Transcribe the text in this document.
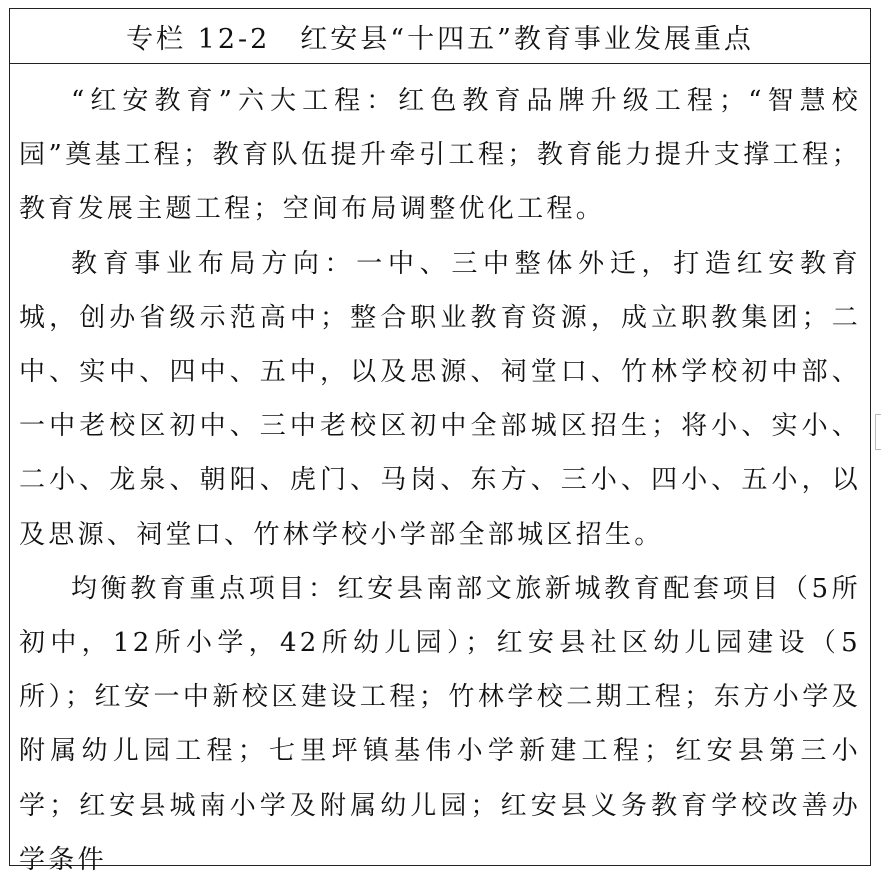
专栏 12-2　红安县“十四五”教育事业发展重点

“红安教育”六大工程：红色教育品牌升级工程；“智慧校园”奠基工程；教育队伍提升牵引工程；教育能力提升支撑工程；教育发展主题工程；空间布局调整优化工程。

教育事业布局方向：一中、三中整体外迁，打造红安教育城，创办省级示范高中；整合职业教育资源，成立职教集团；二中、实中、四中、五中，以及思源、祠堂口、竹林学校初中部、一中老校区初中、三中老校区初中全部城区招生；将小、实小、二小、龙泉、朝阳、虎门、马岗、东方、三小、四小、五小，以及思源、祠堂口、竹林学校小学部全部城区招生。

均衡教育重点项目：红安县南部文旅新城教育配套项目（5所初中，12所小学，42所幼儿园）；红安县社区幼儿园建设（5所）；红安一中新校区建设工程；竹林学校二期工程；东方小学及附属幼儿园工程；七里坪镇基伟小学新建工程；红安县第三小学；红安县城南小学及附属幼儿园；红安县义务教育学校改善办学条件
